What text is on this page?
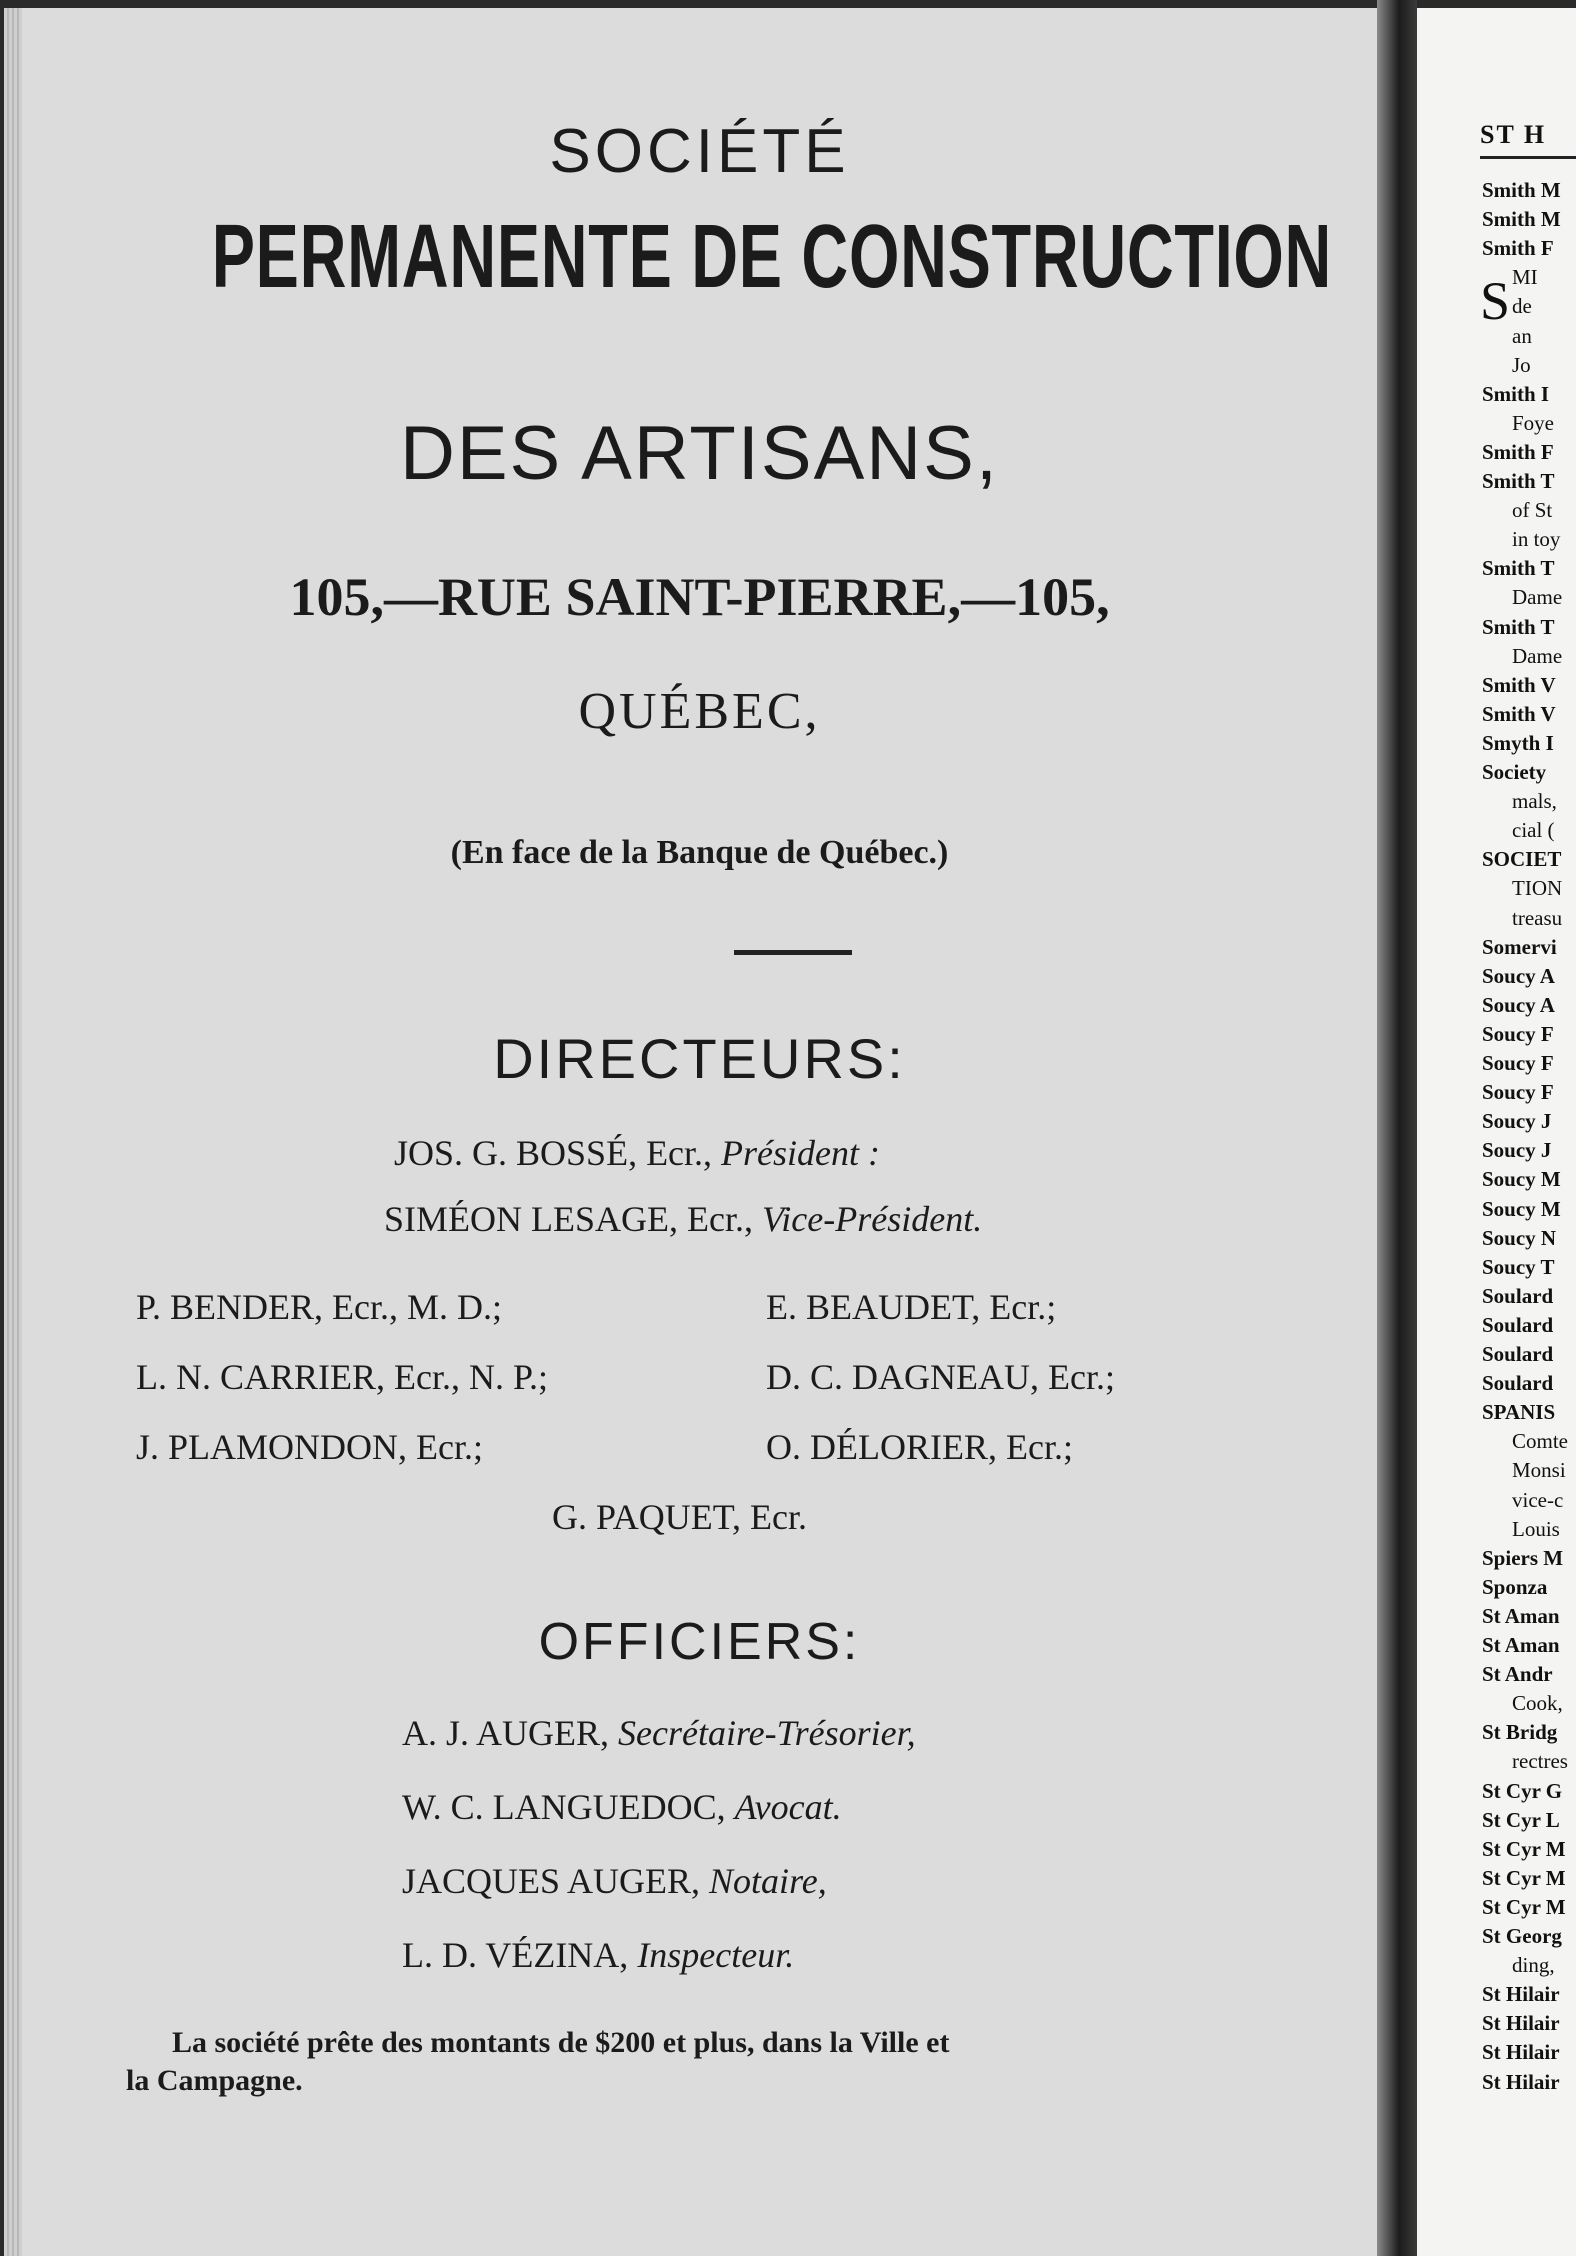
SOCIÉTÉ
PERMANENTE DE CONSTRUCTION
DES ARTISANS,
105,—RUE SAINT-PIERRE,—105,
QUÉBEC,
(En face de la Banque de Québec.)
DIRECTEURS:
JOS. G. BOSSÉ, Ecr., Président :
SIMÉON LESAGE, Ecr., Vice-Président.
P. BENDER, Ecr., M. D.;	E. BEAUDET, Ecr.;
L. N. CARRIER, Ecr., N. P.;	D. C. DAGNEAU, Ecr.;
J. PLAMONDON, Ecr.;	O. DÉLORIER, Ecr.;
G. PAQUET, Ecr.
OFFICIERS:
A. J. AUGER, Secrétaire-Trésorier,
W. C. LANGUEDOC, Avocat.
JACQUES AUGER, Notaire,
L. D. VÉZINA, Inspecteur.
La société prête des montants de $200 et plus, dans la Ville et
la Campagne.
ST H
S
Smith M
Smith M
Smith F
MI
de
an
Jo
Smith I
Foye
Smith F
Smith T
of St
in toy
Smith T
Dame
Smith T
Dame
Smith V
Smith V
Smyth I
Society
mals,
cial (
SOCIET
TION
treasu
Somervi
Soucy A
Soucy A
Soucy F
Soucy F
Soucy F
Soucy J
Soucy J
Soucy M
Soucy M
Soucy N
Soucy T
Soulard
Soulard
Soulard
Soulard
SPANIS
Comte
Monsi
vice-c
Louis
Spiers M
Sponza
St Aman
St Aman
St Andr
Cook,
St Bridg
rectres
St Cyr G
St Cyr L
St Cyr M
St Cyr M
St Cyr M
St Georg
ding,
St Hilair
St Hilair
St Hilair
St Hilair
